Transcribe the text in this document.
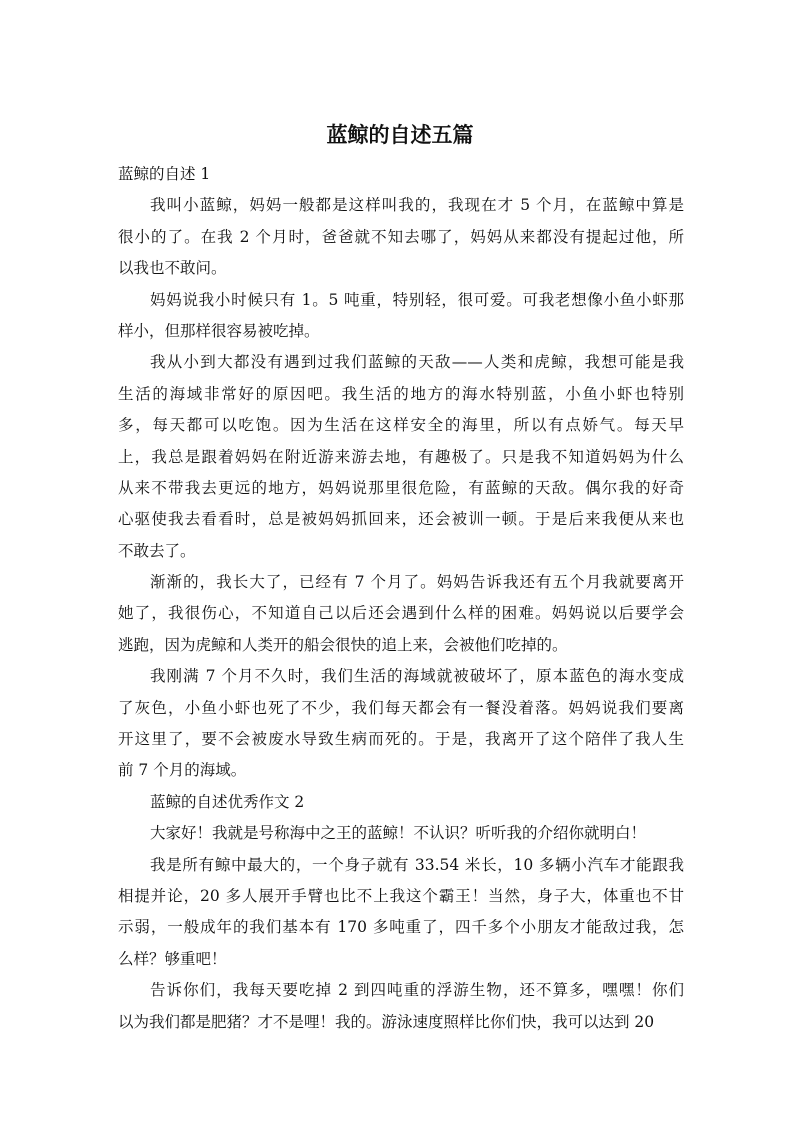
蓝鲸的自述五篇
蓝鲸的自述 1
我叫小蓝鲸，妈妈一般都是这样叫我的，我现在才 5 个月，在蓝鲸中算是
很小的了。在我 2 个月时，爸爸就不知去哪了，妈妈从来都没有提起过他，所
以我也不敢问。
妈妈说我小时候只有 1。5 吨重，特别轻，很可爱。可我老想像小鱼小虾那
样小，但那样很容易被吃掉。
我从小到大都没有遇到过我们蓝鲸的天敌——人类和虎鲸，我想可能是我
生活的海域非常好的原因吧。我生活的地方的海水特别蓝，小鱼小虾也特别
多，每天都可以吃饱。因为生活在这样安全的海里，所以有点娇气。每天早
上，我总是跟着妈妈在附近游来游去地，有趣极了。只是我不知道妈妈为什么
从来不带我去更远的地方，妈妈说那里很危险，有蓝鲸的天敌。偶尔我的好奇
心驱使我去看看时，总是被妈妈抓回来，还会被训一顿。于是后来我便从来也
不敢去了。
渐渐的，我长大了，已经有 7 个月了。妈妈告诉我还有五个月我就要离开
她了，我很伤心，不知道自己以后还会遇到什么样的困难。妈妈说以后要学会
逃跑，因为虎鲸和人类开的船会很快的追上来，会被他们吃掉的。
我刚满 7 个月不久时，我们生活的海域就被破坏了，原本蓝色的海水变成
了灰色，小鱼小虾也死了不少，我们每天都会有一餐没着落。妈妈说我们要离
开这里了，要不会被废水导致生病而死的。于是，我离开了这个陪伴了我人生
前 7 个月的海域。
蓝鲸的自述优秀作文 2
大家好！我就是号称海中之王的蓝鲸！不认识？听听我的介绍你就明白！
我是所有鲸中最大的，一个身子就有 33.54 米长，10 多辆小汽车才能跟我
相提并论，20 多人展开手臂也比不上我这个霸王！当然，身子大，体重也不甘
示弱，一般成年的我们基本有 170 多吨重了，四千多个小朋友才能敌过我，怎
么样？够重吧！
告诉你们，我每天要吃掉 2 到四吨重的浮游生物，还不算多，嘿嘿！你们
以为我们都是肥猪？才不是哩！我的。游泳速度照样比你们快，我可以达到 20
